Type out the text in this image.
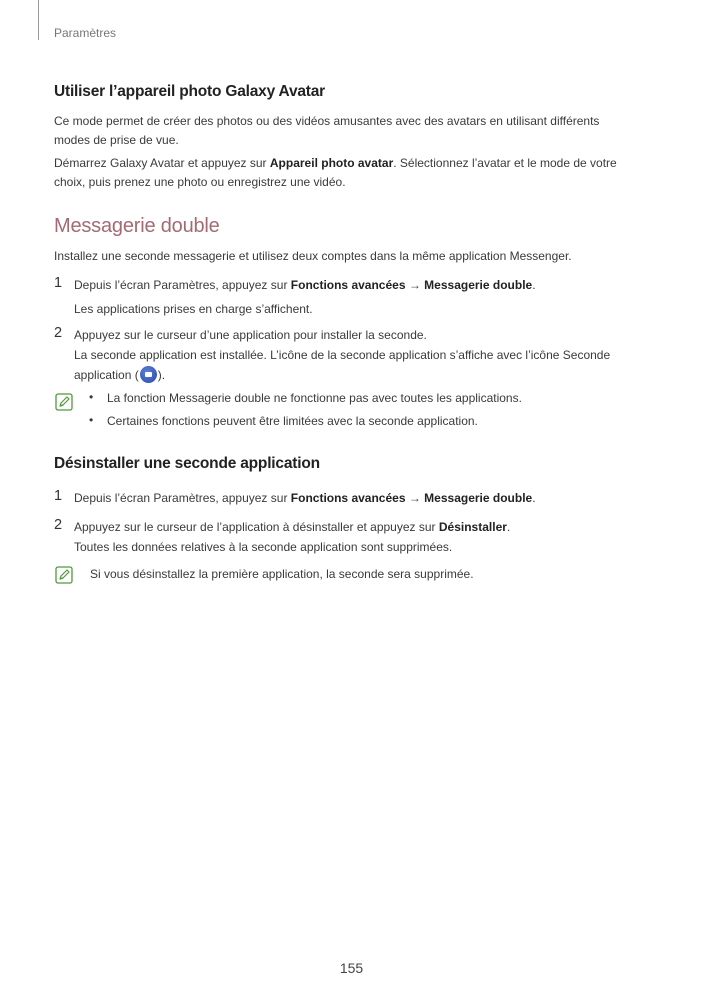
Paramètres
Utiliser l’appareil photo Galaxy Avatar
Ce mode permet de créer des photos ou des vidéos amusantes avec des avatars en utilisant différents modes de prise de vue.
Démarrez Galaxy Avatar et appuyez sur Appareil photo avatar. Sélectionnez l’avatar et le mode de votre choix, puis prenez une photo ou enregistrez une vidéo.
Messagerie double
Installez une seconde messagerie et utilisez deux comptes dans la même application Messenger.
1 Depuis l’écran Paramètres, appuyez sur Fonctions avancées → Messagerie double.
Les applications prises en charge s’affichent.
2 Appuyez sur le curseur d’une application pour installer la seconde.
La seconde application est installée. L’icône de la seconde application s’affiche avec l’icône Seconde application ( ).
• La fonction Messagerie double ne fonctionne pas avec toutes les applications.
• Certaines fonctions peuvent être limitées avec la seconde application.
Désinstaller une seconde application
1 Depuis l’écran Paramètres, appuyez sur Fonctions avancées → Messagerie double.
2 Appuyez sur le curseur de l’application à désinstaller et appuyez sur Désinstaller.
Toutes les données relatives à la seconde application sont supprimées.
Si vous désinstallez la première application, la seconde sera supprimée.
155
